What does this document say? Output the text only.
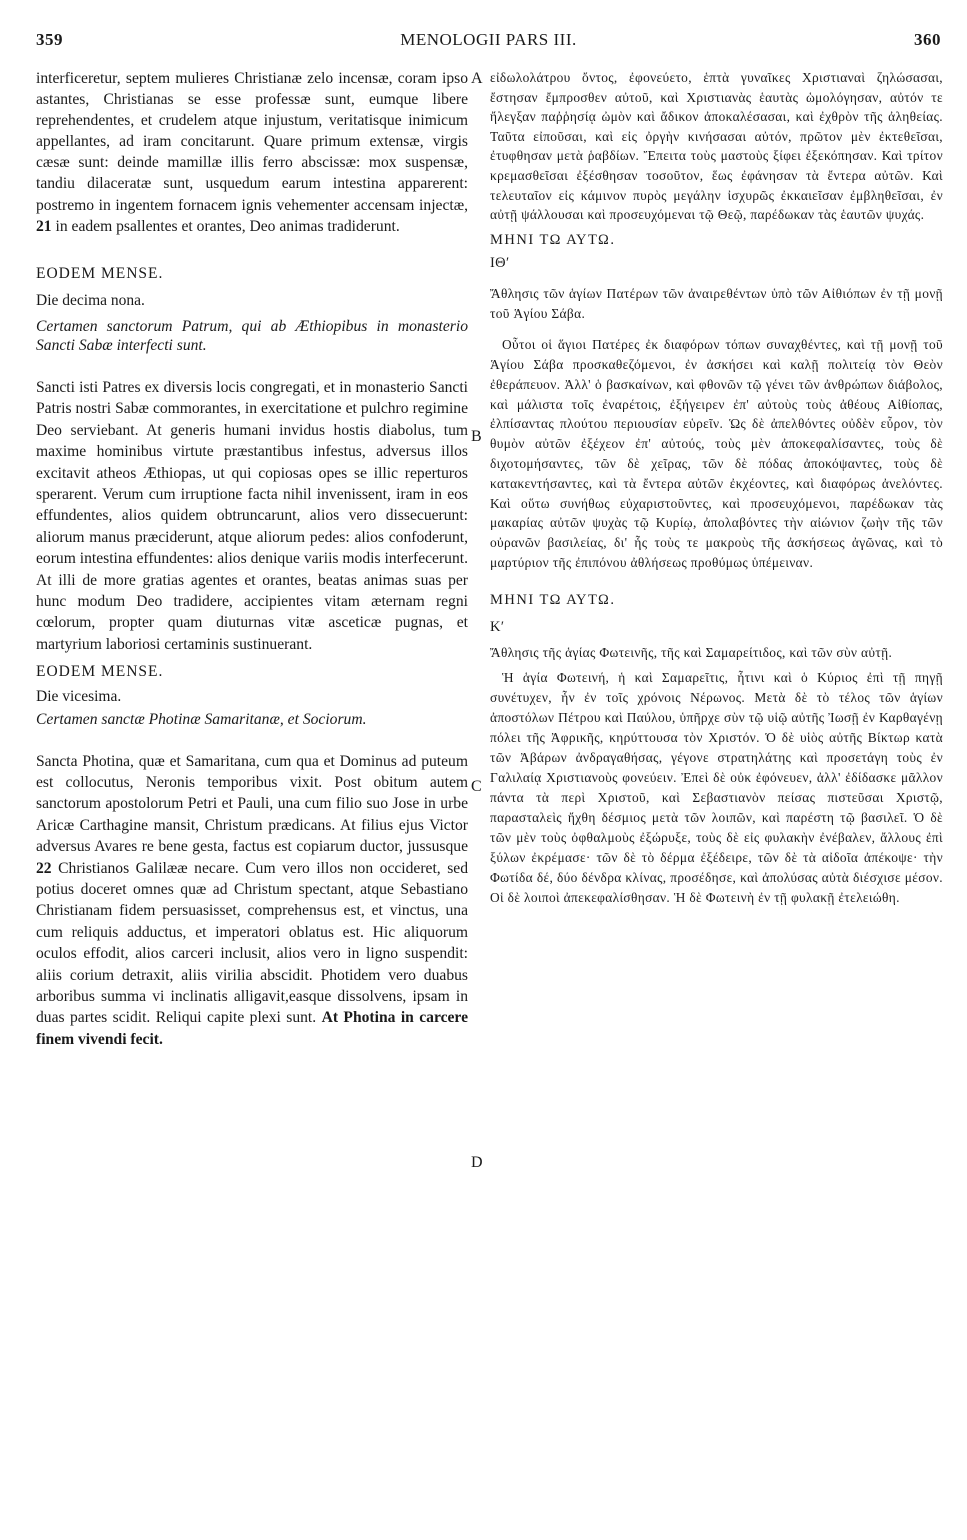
359	MENOLOGII PARS III.	360
A
B
C
D

interficeretur, septem mulieres Christianæ zelo incensæ, coram ipso astantes, Christianas se esse professæ sunt, eumque libere reprehendentes, et crudelem atque injustum, veritatisque inimicum appellantes, ad iram concitarunt. Quare primum extensæ, virgis cæsæ sunt: deinde mamillæ illis ferro abscissæ: mox suspensæ, tandiu dilaceratæ sunt, usquedum earum intestina apparerent: postremo in ingentem fornacem ignis vehementer accensam injectæ, 21 in eadem psallentes et orantes, Deo animas tradiderunt.

EODEM MENSE.

Die decima nona.

Certamen sanctorum Patrum, qui ab Æthiopibus in monasterio Sancti Sabæ interfecti sunt.

Sancti isti Patres ex diversis locis congregati, et in monasterio Sancti Patris nostri Sabæ commorantes, in exercitatione et pulchro regimine Deo serviebant. At generis humani invidus hostis diabolus, tum maxime hominibus virtute præstantibus infestus, adversus illos excitavit atheos Æthiopas, ut qui copiosas opes se illic reperturos sperarent. Verum cum irruptione facta nihil invenissent, iram in eos effundentes, alios quidem obtruncarunt, alios vero dissecuerunt: aliorum manus præciderunt, atque aliorum pedes: alios confoderunt, eorum intestina effundentes: alios denique variis modis interfecerunt. At illi de more gratias agentes et orantes, beatas animas suas per hunc modum Deo tradidere, accipientes vitam æternam regni cœlorum, propter quam diuturnas vitæ asceticæ pugnas, et martyrium laboriosi certaminis sustinuerant.

EODEM MENSE.

Die vicesima.

Certamen sanctæ Photinæ Samaritanæ, et Sociorum.

Sancta Photina, quæ et Samaritana, cum qua et Dominus ad puteum est collocutus, Neronis temporibus vixit. Post obitum autem sanctorum apostolorum Petri et Pauli, una cum filio suo Jose in urbe Aricæ Carthagine mansit, Christum prædicans. At filius ejus Victor adversus Avares re bene gesta, factus est copiarum ductor, jussusque 22 Christianos Galilææ necare. Cum vero illos non occideret, sed potius doceret omnes quæ ad Christum spectant, atque Sebastiano Christianam fidem persuasisset, comprehensus est, et vinctus, una cum reliquis adductus, et imperatori oblatus est. Hic aliquorum oculos effodit, alios carceri inclusit, alios vero in ligno suspendit: aliis corium detraxit, aliis virilia abscidit. Photidem vero duabus arboribus summa vi inclinatis alligavit,easque dissolvens, ipsam in duas partes scidit. Reliqui capite plexi sunt. At Photina in carcere finem vivendi fecit.

εἰδωλολάτρου ὄντος, ἐφονεύετο, ἑπτὰ γυναῖκες Χριστιαναὶ ζηλώσασαι, ἔστησαν ἔμπροσθεν αὐτοῦ, καὶ Χριστιανὰς ἑαυτὰς ὡμολόγησαν, αὐτόν τε ἤλεγξαν παῤῥησίᾳ ὠμὸν καὶ ἄδικον ἀποκαλέσασαι, καὶ ἐχθρὸν τῆς ἀληθείας. Ταῦτα εἰποῦσαι, καὶ εἰς ὀργὴν κινήσασαι αὐτόν, πρῶτον μὲν ἐκτεθεῖσαι, ἐτυφθησαν μετὰ ῥαβδίων. Ἔπειτα τοὺς μαστοὺς ξίφει ἐξεκόπησαν. Καὶ τρίτον κρεμασθεῖσαι ἐξέσθησαν τοσοῦτον, ἕως ἐφάνησαν τὰ ἔντερα αὐτῶν. Καὶ τελευταῖον εἰς κάμινον πυρὸς μεγάλην ἰσχυρῶς ἐκκαιεῖσαν ἐμβληθεῖσαι, ἐν αὐτῇ ψάλλουσαι καὶ προσευχόμεναι τῷ Θεῷ, παρέδωκαν τὰς ἑαυτῶν ψυχάς.

ΜΗΝΙ ΤΩ ΑΥΤΩ.

ΙΘʹ

Ἄθλησις τῶν ἁγίων Πατέρων τῶν ἀναιρεθέντων ὑπὸ τῶν Αἰθιόπων ἐν τῇ μονῇ τοῦ Ἁγίου Σάβα.

Οὗτοι οἱ ἅγιοι Πατέρες ἐκ διαφόρων τόπων συναχθέντες, καὶ τῇ μονῇ τοῦ Ἁγίου Σάβα προσκαθεζόμενοι, ἐν ἀσκήσει καὶ καλῇ πολιτείᾳ τὸν Θεὸν ἐθεράπευον. Ἀλλ' ὁ βασκαίνων, καὶ φθονῶν τῷ γένει τῶν ἀνθρώπων διάβολος, καὶ μάλιστα τοῖς ἐναρέτοις, ἐξήγειρεν ἐπ' αὐτοὺς τοὺς ἀθέους Αἰθίοπας, ἐλπίσαντας πλούτου περιουσίαν εὑρεῖν. Ὡς δὲ ἀπελθόντες οὐδὲν εὗρον, τὸν θυμὸν αὐτῶν ἐξέχεον ἐπ' αὐτούς, τοὺς μὲν ἀποκεφαλίσαντες, τοὺς δὲ διχοτομήσαντες, τῶν δὲ χεῖρας, τῶν δὲ πόδας ἀποκόψαντες, τοὺς δὲ κατακεντήσαντες, καὶ τὰ ἔντερα αὐτῶν ἐκχέοντες, καὶ διαφόρως ἀνελόντες. Καὶ οὕτω συνήθως εὐχαριστοῦντες, καὶ προσευχόμενοι, παρέδωκαν τὰς μακαρίας αὐτῶν ψυχὰς τῷ Κυρίῳ, ἀπολαβόντες τὴν αἰώνιον ζωὴν τῆς τῶν οὐρανῶν βασιλείας, δι' ἧς τοὺς τε μακροὺς τῆς ἀσκήσεως ἀγῶνας, καὶ τὸ μαρτύριον τῆς ἐπιπόνου ἀθλήσεως προθύμως ὑπέμειναν.

ΜΗΝΙ ΤΩ ΑΥΤΩ.

Κʹ

Ἄθλησις τῆς ἁγίας Φωτεινῆς, τῆς καὶ Σαμαρείτιδος, καὶ τῶν σὺν αὐτῇ.

Ἡ ἁγία Φωτεινή, ἡ καὶ Σαμαρεῖτις, ἧτινι καὶ ὁ Κύριος ἐπὶ τῇ πηγῇ συνέτυχεν, ἦν ἐν τοῖς χρόνοις Νέρωνος. Μετὰ δὲ τὸ τέλος τῶν ἁγίων ἀποστόλων Πέτρου καὶ Παύλου, ὑπῆρχε σὺν τῷ υἱῷ αὐτῆς Ἰωσῇ ἐν Καρθαγένῃ πόλει τῆς Ἀφρικῆς, κηρύττουσα τὸν Χριστόν. Ὁ δὲ υἱὸς αὐτῆς Βίκτωρ κατὰ τῶν Ἀβάρων ἀνδραγαθήσας, γέγονε στρατηλάτης καὶ προσετάγη τοὺς ἐν Γαλιλαίᾳ Χριστιανοὺς φονεύειν. Ἐπεὶ δὲ οὐκ ἐφόνευεν, ἀλλ' ἐδίδασκε μᾶλλον πάντα τὰ περὶ Χριστοῦ, καὶ Σεβαστιανὸν πείσας πιστεῦσαι Χριστῷ, παρασταλεὶς ἤχθη δέσμιος μετὰ τῶν λοιπῶν, καὶ παρέστη τῷ βασιλεῖ. Ὁ δὲ τῶν μὲν τοὺς ὀφθαλμοὺς ἐξώρυξε, τοὺς δὲ εἰς φυλακὴν ἐνέβαλεν, ἄλλους ἐπὶ ξύλων ἐκρέμασε· τῶν δὲ τὸ δέρμα ἐξέδειρε, τῶν δὲ τὰ αἰδοῖα ἀπέκοψε· τὴν Φωτίδα δέ, δύο δένδρα κλίνας, προσέδησε, καὶ ἀπολύσας αὐτὰ διέσχισε μέσον. Οἱ δὲ λοιποὶ ἀπεκεφαλίσθησαν. Ἡ δὲ Φωτεινὴ ἐν τῇ φυλακῇ ἐτελειώθη.
